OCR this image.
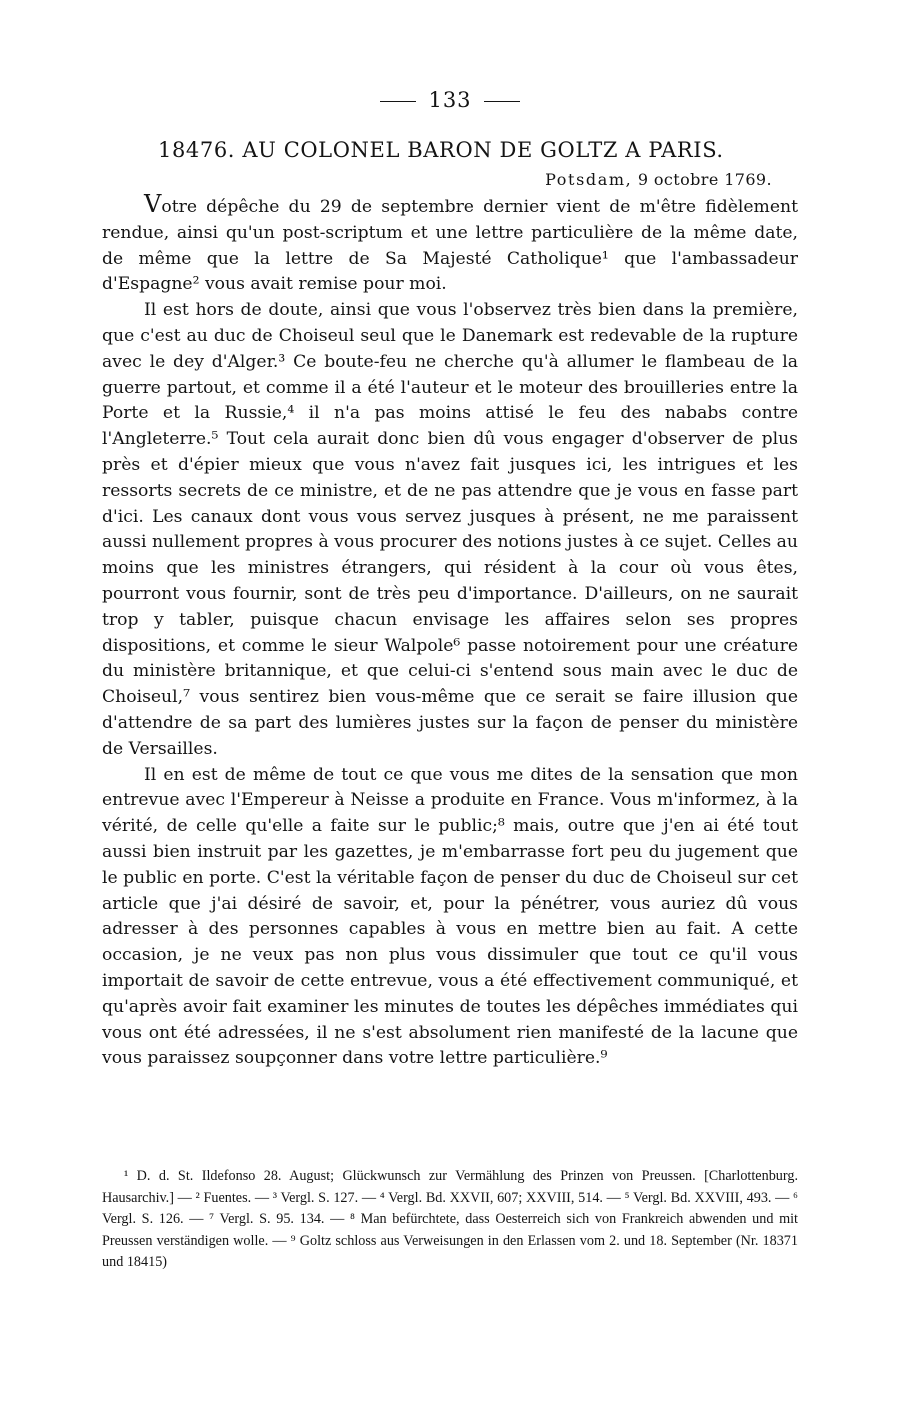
133
18476. AU COLONEL BARON DE GOLTZ A PARIS.
Potsdam, 9 octobre 1769.

Votre dépêche du 29 de septembre dernier vient de m'être fidèlement rendue, ainsi qu'un post-scriptum et une lettre particulière de la même date, de même que la lettre de Sa Majesté Catholique¹ que l'ambassadeur d'Espagne² vous avait remise pour moi.

Il est hors de doute, ainsi que vous l'observez très bien dans la première, que c'est au duc de Choiseul seul que le Danemark est redevable de la rupture avec le dey d'Alger.³ Ce boute-feu ne cherche qu'à allumer le flambeau de la guerre partout, et comme il a été l'auteur et le moteur des brouilleries entre la Porte et la Russie,⁴ il n'a pas moins attisé le feu des nababs contre l'Angleterre.⁵ Tout cela aurait donc bien dû vous engager d'observer de plus près et d'épier mieux que vous n'avez fait jusques ici, les intrigues et les ressorts secrets de ce ministre, et de ne pas attendre que je vous en fasse part d'ici. Les canaux dont vous vous servez jusques à présent, ne me paraissent aussi nullement propres à vous procurer des notions justes à ce sujet. Celles au moins que les ministres étrangers, qui résident à la cour où vous êtes, pourront vous fournir, sont de très peu d'importance. D'ailleurs, on ne saurait trop y tabler, puisque chacun envisage les affaires selon ses propres dispositions, et comme le sieur Walpole⁶ passe notoirement pour une créature du ministère britannique, et que celui-ci s'entend sous main avec le duc de Choiseul,⁷ vous sentirez bien vous-même que ce serait se faire illusion que d'attendre de sa part des lumières justes sur la façon de penser du ministère de Versailles.

Il en est de même de tout ce que vous me dites de la sensation que mon entrevue avec l'Empereur à Neisse a produite en France. Vous m'informez, à la vérité, de celle qu'elle a faite sur le public;⁸ mais, outre que j'en ai été tout aussi bien instruit par les gazettes, je m'embarrasse fort peu du jugement que le public en porte. C'est la véritable façon de penser du duc de Choiseul sur cet article que j'ai désiré de savoir, et, pour la pénétrer, vous auriez dû vous adresser à des personnes capables à vous en mettre bien au fait. A cette occasion, je ne veux pas non plus vous dissimuler que tout ce qu'il vous importait de savoir de cette entrevue, vous a été effectivement communiqué, et qu'après avoir fait examiner les minutes de toutes les dépêches immédiates qui vous ont été adressées, il ne s'est absolument rien manifesté de la lacune que vous paraissez soupçonner dans votre lettre particulière.⁹

¹ D. d. St. Ildefonso 28. August; Glückwunsch zur Vermählung des Prinzen von Preussen. [Charlottenburg. Hausarchiv.] — ² Fuentes. — ³ Vergl. S. 127. — ⁴ Vergl. Bd. XXVII, 607; XXVIII, 514. — ⁵ Vergl. Bd. XXVIII, 493. — ⁶ Vergl. S. 126. — ⁷ Vergl. S. 95. 134. — ⁸ Man befürchtete, dass Oesterreich sich von Frankreich abwenden und mit Preussen verständigen wolle. — ⁹ Goltz schloss aus Verweisungen in den Erlassen vom 2. und 18. September (Nr. 18371 und 18415)
